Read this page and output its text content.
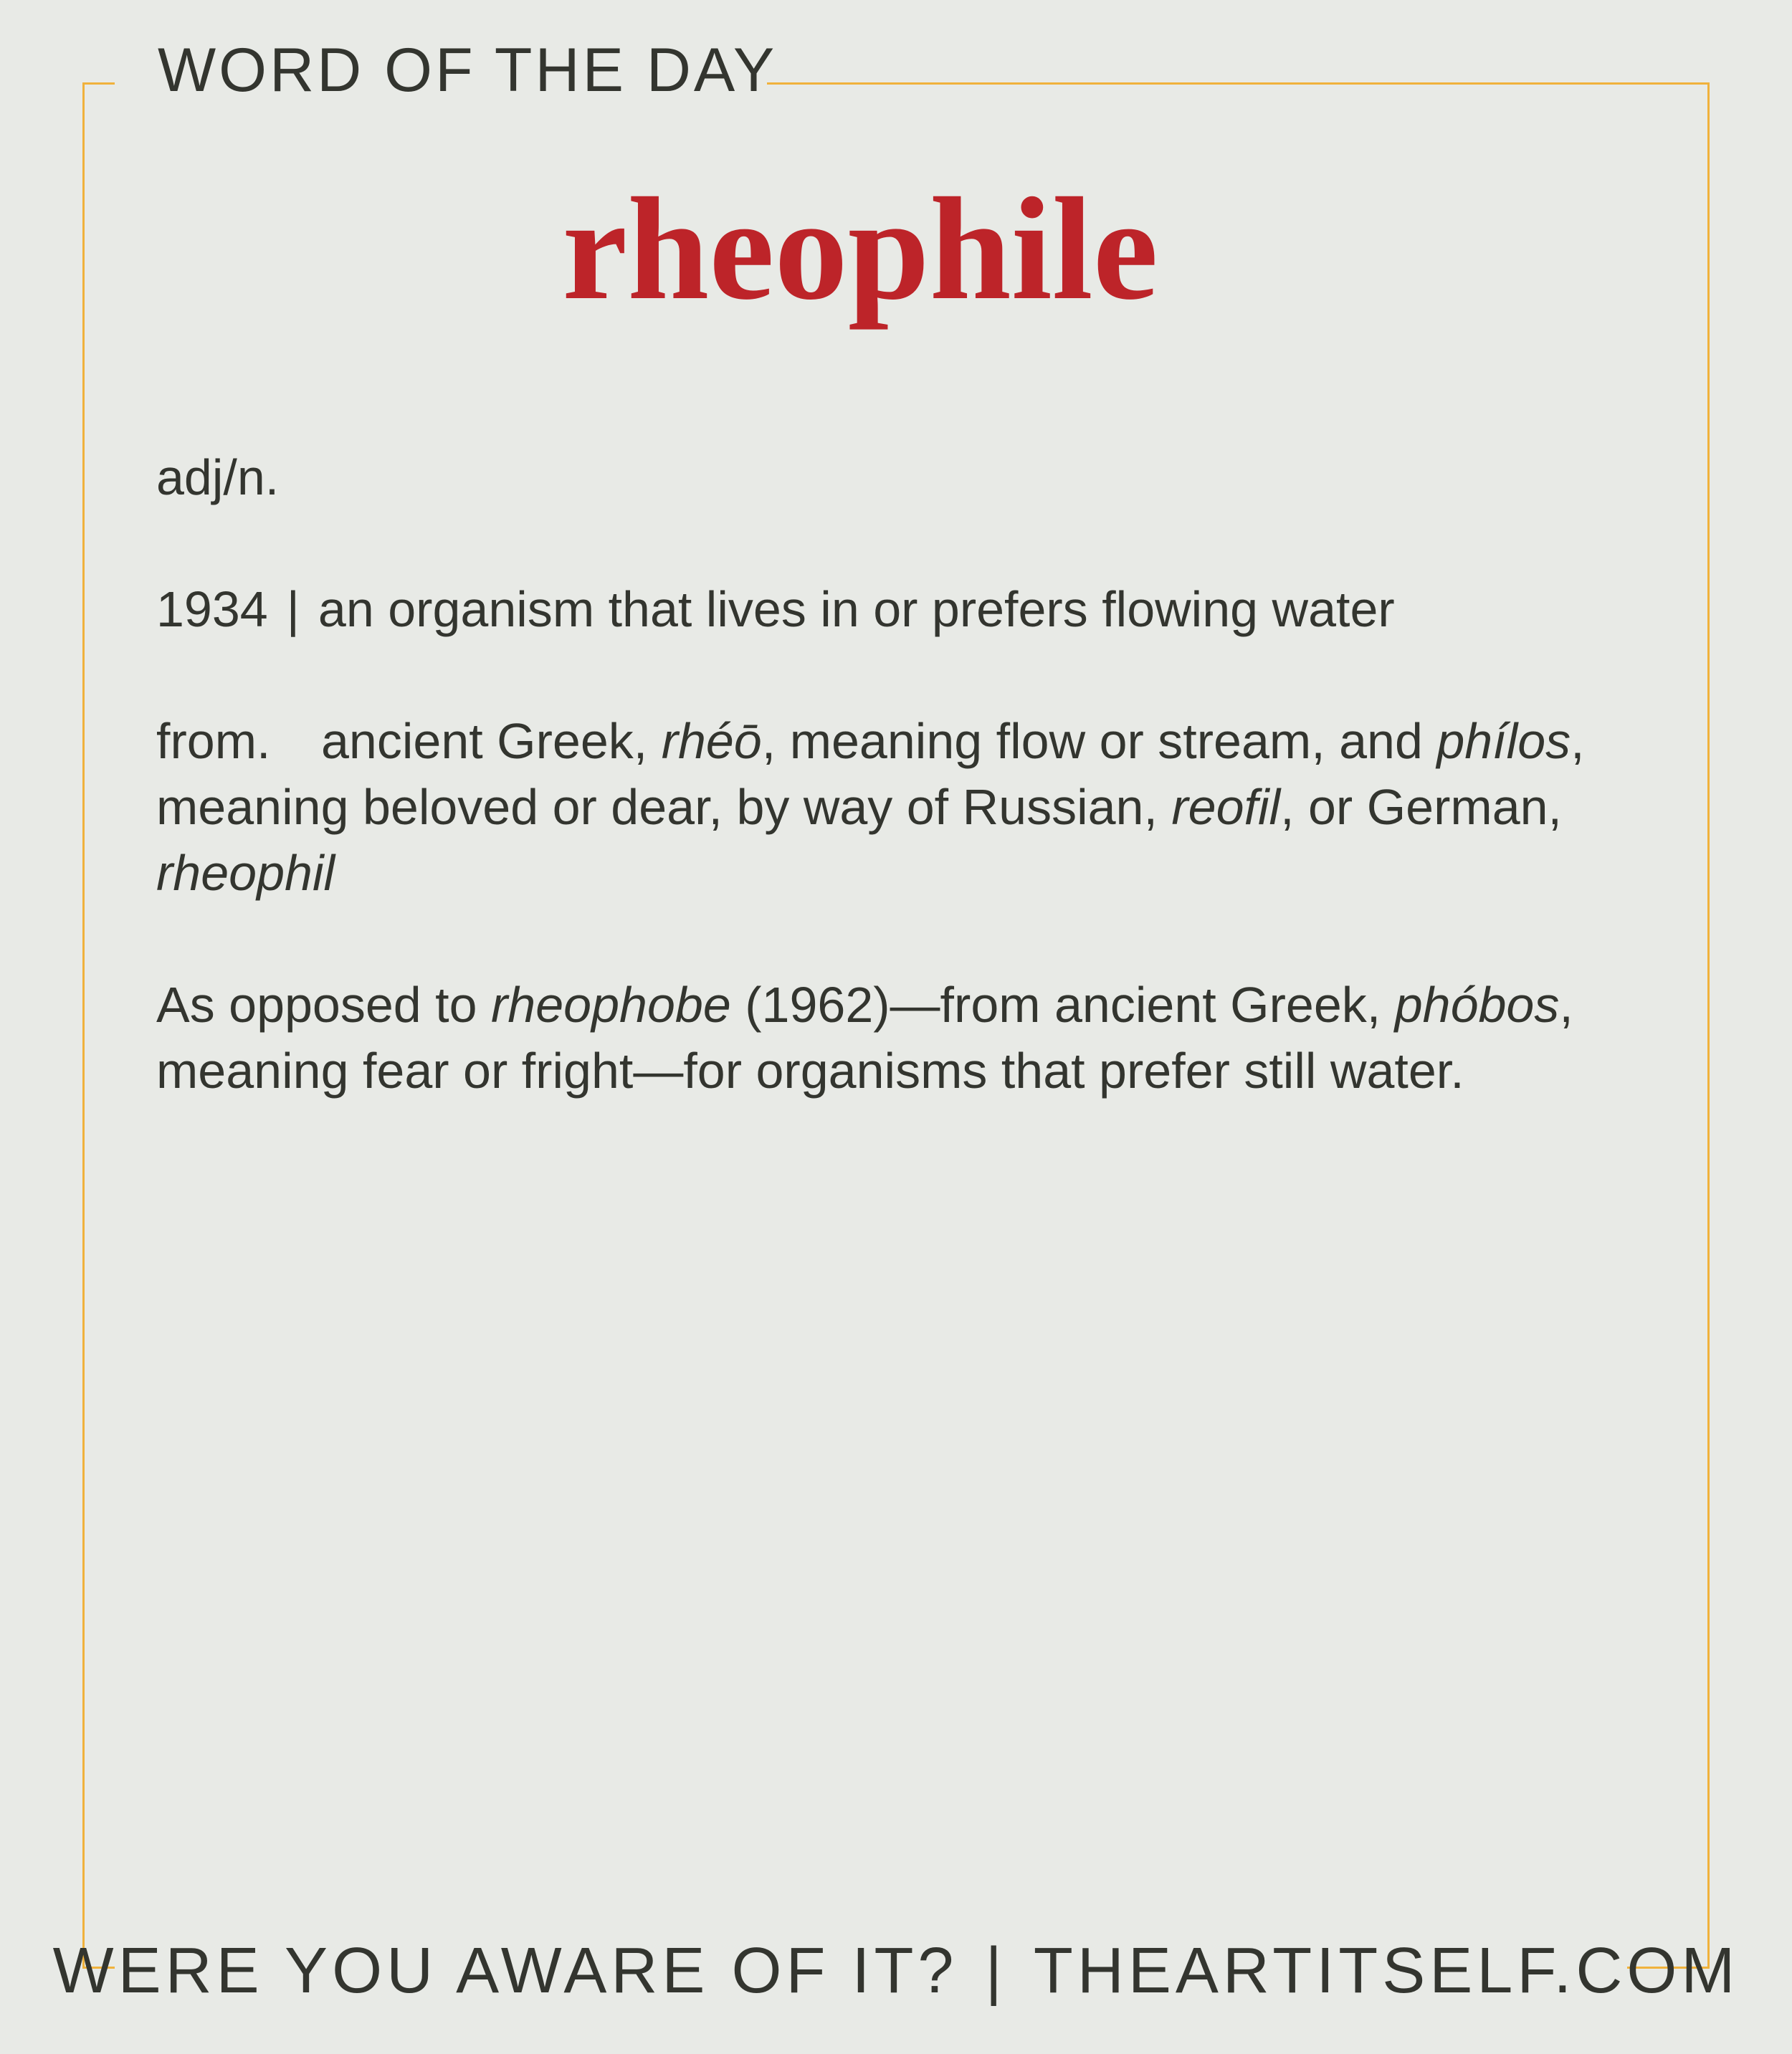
WORD OF THE DAY
rheophile

adj/n.

1934 | an organism that lives in or prefers flowing water

from. ancient Greek, rhéō, meaning flow or stream, and phílos, meaning beloved or dear, by way of Russian, reofil, or German, rheophil

As opposed to rheophobe (1962)—from ancient Greek, phóbos, meaning fear or fright—for organisms that prefer still water.

WERE YOU AWARE OF IT? | THEARTITSELF.COM
